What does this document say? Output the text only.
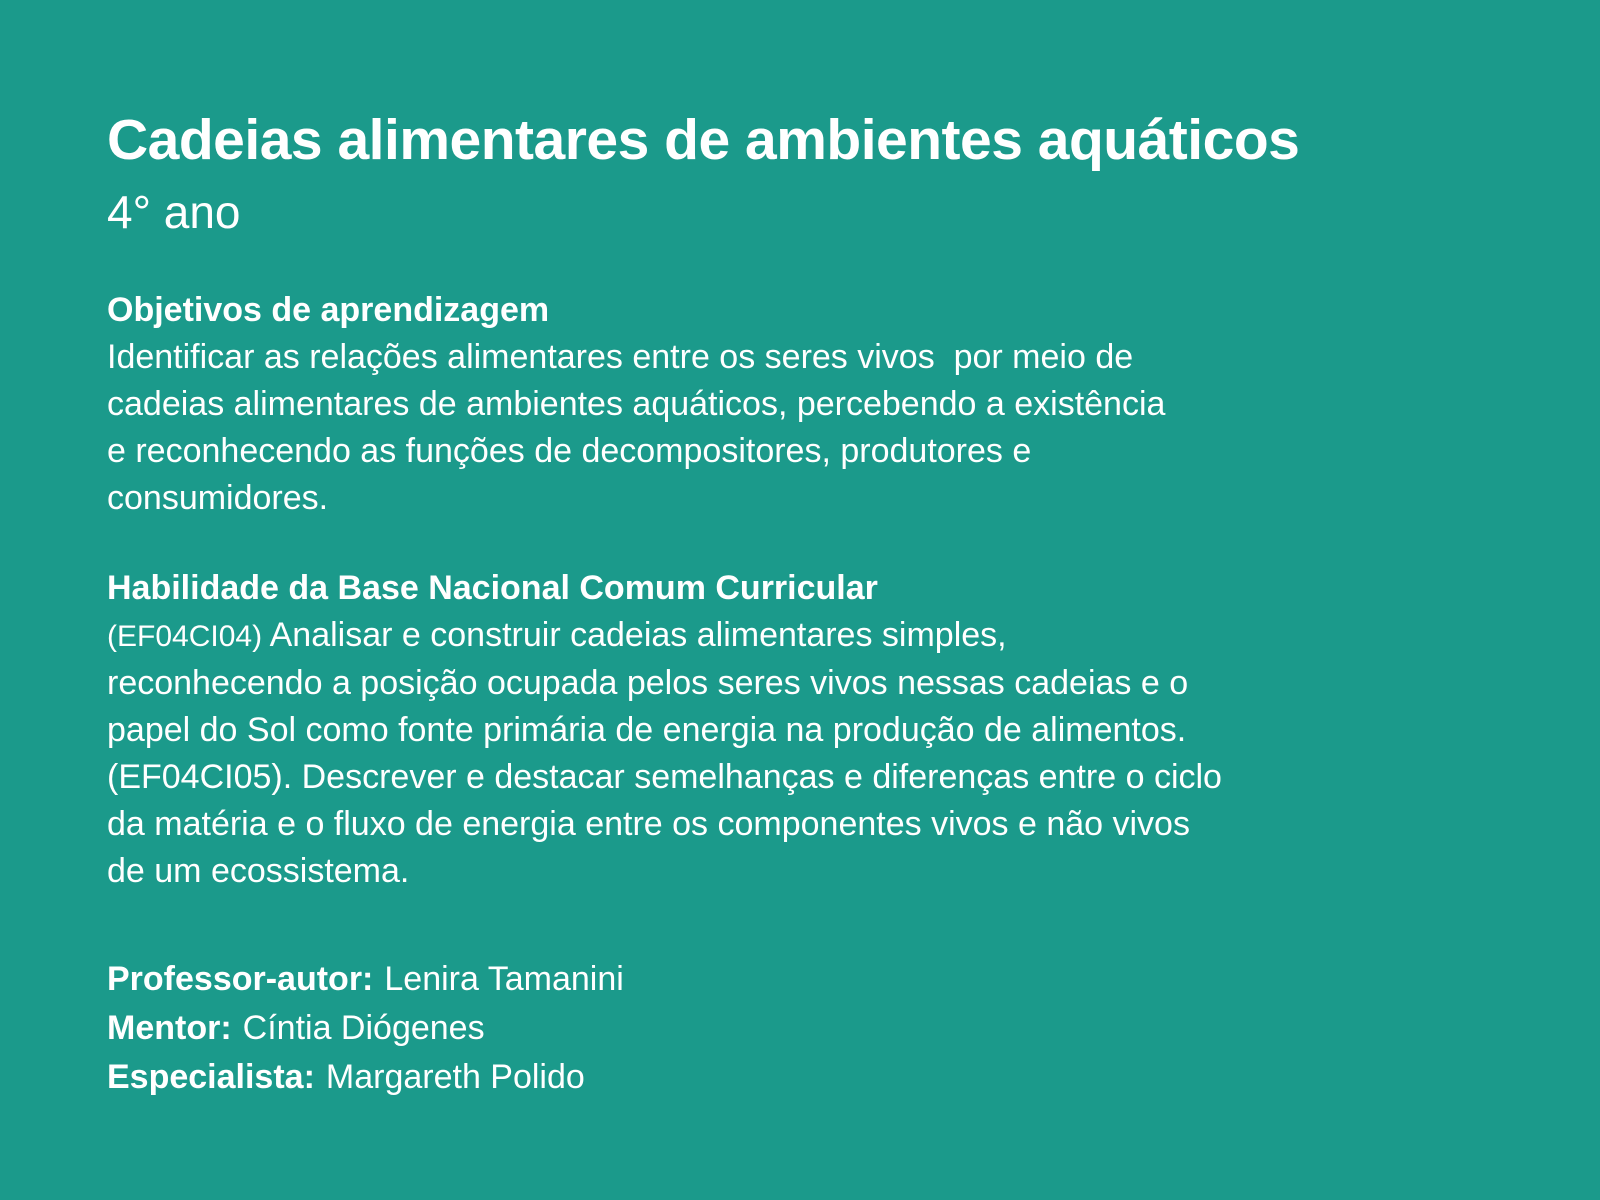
Cadeias alimentares de ambientes aquáticos
4° ano
Objetivos de aprendizagem
Identificar as relações alimentares entre os seres vivos  por meio de
cadeias alimentares de ambientes aquáticos, percebendo a existência
e reconhecendo as funções de decompositores, produtores e
consumidores.
Habilidade da Base Nacional Comum Curricular
(EF04CI04) Analisar e construir cadeias alimentares simples,
reconhecendo a posição ocupada pelos seres vivos nessas cadeias e o
papel do Sol como fonte primária de energia na produção de alimentos.
(EF04CI05). Descrever e destacar semelhanças e diferenças entre o ciclo
da matéria e o fluxo de energia entre os componentes vivos e não vivos
de um ecossistema.
Professor-autor: Lenira Tamanini
Mentor: Cíntia Diógenes
Especialista: Margareth Polido
